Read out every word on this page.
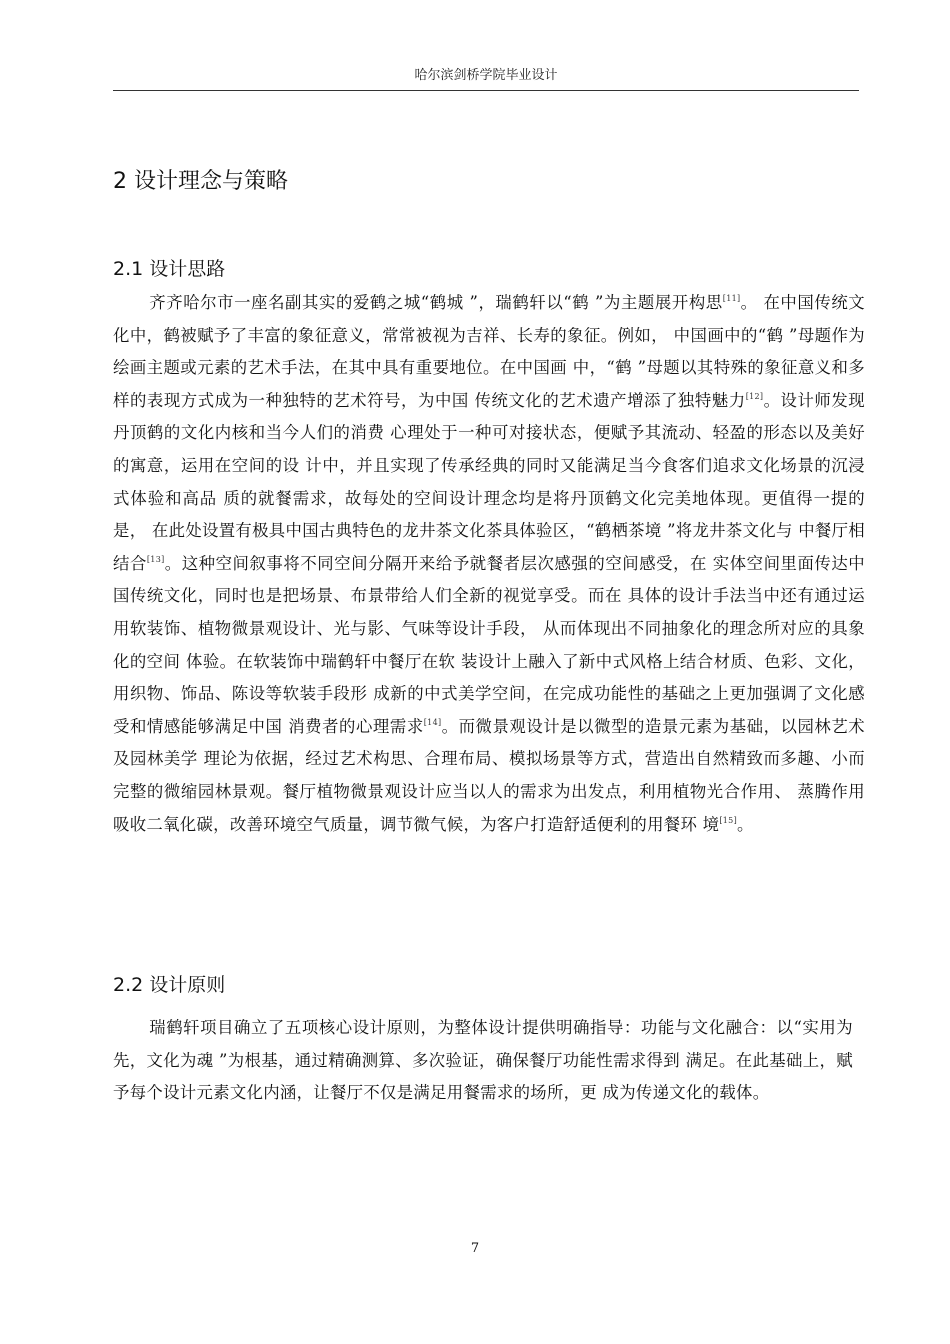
哈尔滨剑桥学院毕业设计
2 设计理念与策略
2.1 设计思路

齐齐哈尔市一座名副其实的爱鹤之城“鹤城 ”，瑞鹤轩以“鹤 ”为主题展开构思[11]。 在中国传统文化中，鹤被赋予了丰富的象征意义，常常被视为吉祥、长寿的象征。例如， 中国画中的“鹤 ”母题作为绘画主题或元素的艺术手法，在其中具有重要地位。在中国画 中，“鹤 ”母题以其特殊的象征意义和多样的表现方式成为一种独特的艺术符号，为中国 传统文化的艺术遗产增添了独特魅力[12]。设计师发现丹顶鹤的文化内核和当今人们的消费 心理处于一种可对接状态，便赋予其流动、轻盈的形态以及美好的寓意，运用在空间的设 计中，并且实现了传承经典的同时又能满足当今食客们追求文化场景的沉浸式体验和高品 质的就餐需求，故每处的空间设计理念均是将丹顶鹤文化完美地体现。更值得一提的是， 在此处设置有极具中国古典特色的龙井茶文化茶具体验区，“鹤栖茶境 ”将龙井茶文化与 中餐厅相结合[13]。这种空间叙事将不同空间分隔开来给予就餐者层次感强的空间感受，在 实体空间里面传达中国传统文化，同时也是把场景、布景带给人们全新的视觉享受。而在 具体的设计手法当中还有通过运用软装饰、植物微景观设计、光与影、气味等设计手段， 从而体现出不同抽象化的理念所对应的具象化的空间 体验。在软装饰中瑞鹤轩中餐厅在软 装设计上融入了新中式风格上结合材质、色彩、文化，用织物、饰品、陈设等软装手段形 成新的中式美学空间，在完成功能性的基础之上更加强调了文化感受和情感能够满足中国 消费者的心理需求[14]。而微景观设计是以微型的造景元素为基础，以园林艺术及园林美学 理论为依据，经过艺术构思、合理布局、模拟场景等方式，营造出自然精致而多趣、小而 完整的微缩园林景观。餐厅植物微景观设计应当以人的需求为出发点，利用植物光合作用、 蒸腾作用吸收二氧化碳，改善环境空气质量，调节微气候，为客户打造舒适便利的用餐环 境[15]。

2.2 设计原则

瑞鹤轩项目确立了五项核心设计原则，为整体设计提供明确指导：功能与文化融合：以“实用为先，文化为魂 ”为根基，通过精确测算、多次验证，确保餐厅功能性需求得到 满足。在此基础上，赋予每个设计元素文化内涵，让餐厅不仅是满足用餐需求的场所，更 成为传递文化的载体。

7
